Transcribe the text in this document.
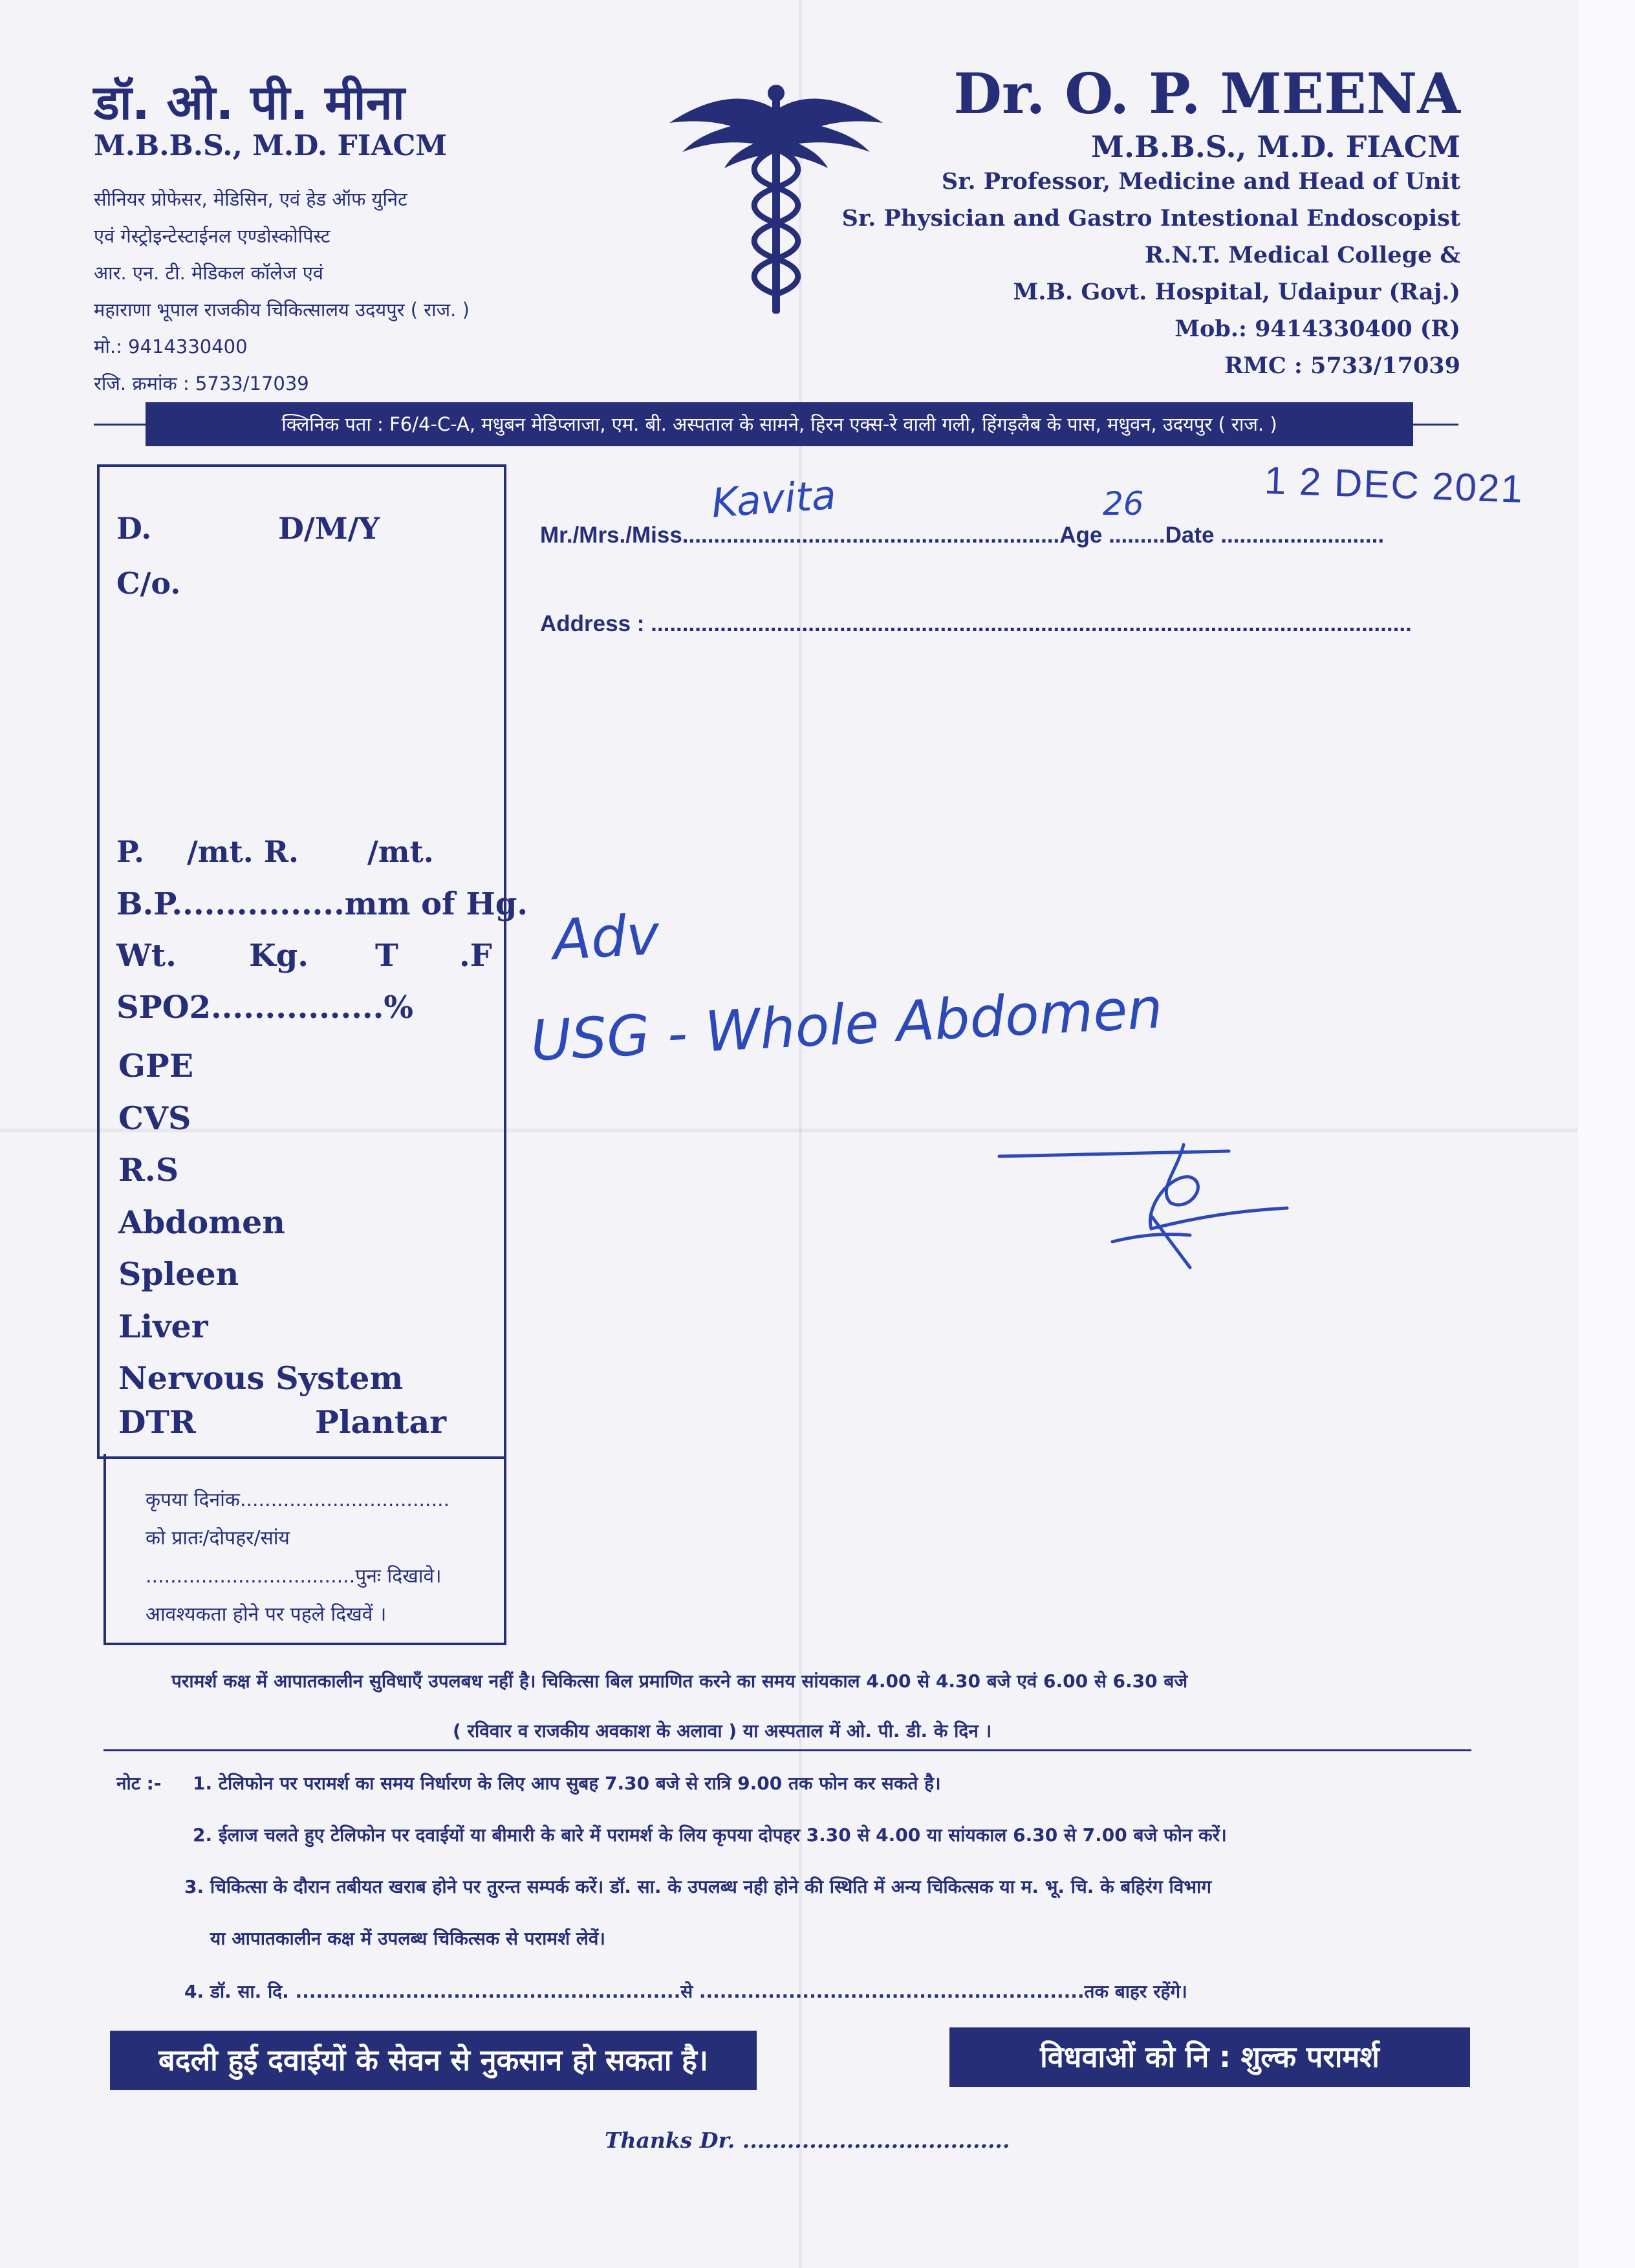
डॉ. ओ. पी. मीना
M.B.B.S., M.D. FIACM
सीनियर प्रोफेसर, मेडिसिन, एवं हेड ऑफ युनिट
एवं गेस्ट्रोइन्टेस्टाईनल एण्डोस्कोपिस्ट
आर. एन. टी. मेडिकल कॉलेज एवं
महाराणा भूपाल राजकीय चिकित्सालय उदयपुर ( राज. )
मो.: 9414330400
रजि. क्रमांक : 5733/17039
Dr. O. P. MEENA
M.B.B.S., M.D. FIACM
Sr. Professor, Medicine and Head of Unit
Sr. Physician and Gastro Intestional Endoscopist
R.N.T. Medical College &
M.B. Govt. Hospital, Udaipur (Raj.)
Mob.: 9414330400 (R)
RMC : 5733/17039
क्लिनिक पता : F6/4-C-A, मधुबन मेडिप्लाजा, एम. बी. अस्पताल के सामने, हिरन एक्स-रे वाली गली, हिंगड़लैब के पास, मधुवन, उदयपुर ( राज. )
1 2 DEC 2021
Mr./Mrs./Miss............................................................Age .........Date ..........................
Kavita	26
Address : .........................................................................................................................
D.	D/M/Y
C/o.
P. /mt. R. /mt.
B.P................mm of Hg.
Wt. Kg. T .F
SPO2................%
GPE
CVS
R.S
Abdomen
Spleen
Liver
Nervous System
DTR	Plantar
कृपया दिनांक..................................
को प्रातः/दोपहर/सांय
..................................पुनः दिखावे।
आवश्यकता होने पर पहले दिखवें ।
Adv
USG - Whole Abdomen
परामर्श कक्ष में आपातकालीन सुविधाएँ उपलबध नहीं है। चिकित्सा बिल प्रमाणित करने का समय सांयकाल 4.00 से 4.30 बजे एवं 6.00 से 6.30 बजे
( रविवार व राजकीय अवकाश के अलावा ) या अस्पताल में ओ. पी. डी. के दिन ।
नोट :- 1. टेलिफोन पर परामर्श का समय निर्धारण के लिए आप सुबह 7.30 बजे से रात्रि 9.00 तक फोन कर सकते है।
2. ईलाज चलते हुए टेलिफोन पर दवाईयों या बीमारी के बारे में परामर्श के लिय कृपया दोपहर 3.30 से 4.00 या सांयकाल 6.30 से 7.00 बजे फोन करें।
3. चिकित्सा के दौरान तबीयत खराब होने पर तुरन्त सम्पर्क करें। डॉ. सा. के उपलब्ध नही होने की स्थिति में अन्य चिकित्सक या म. भू. चि. के बहिरंग विभाग
या आपातकालीन कक्ष में उपलब्ध चिकित्सक से परामर्श लेवें।
4. डॉ. सा. दि. ........................................................से ........................................................तक बाहर रहेंगे।
बदली हुई दवाईयों के सेवन से नुकसान हो सकता है।	विधवाओं को नि : शुल्क परामर्श
Thanks Dr. ....................................
